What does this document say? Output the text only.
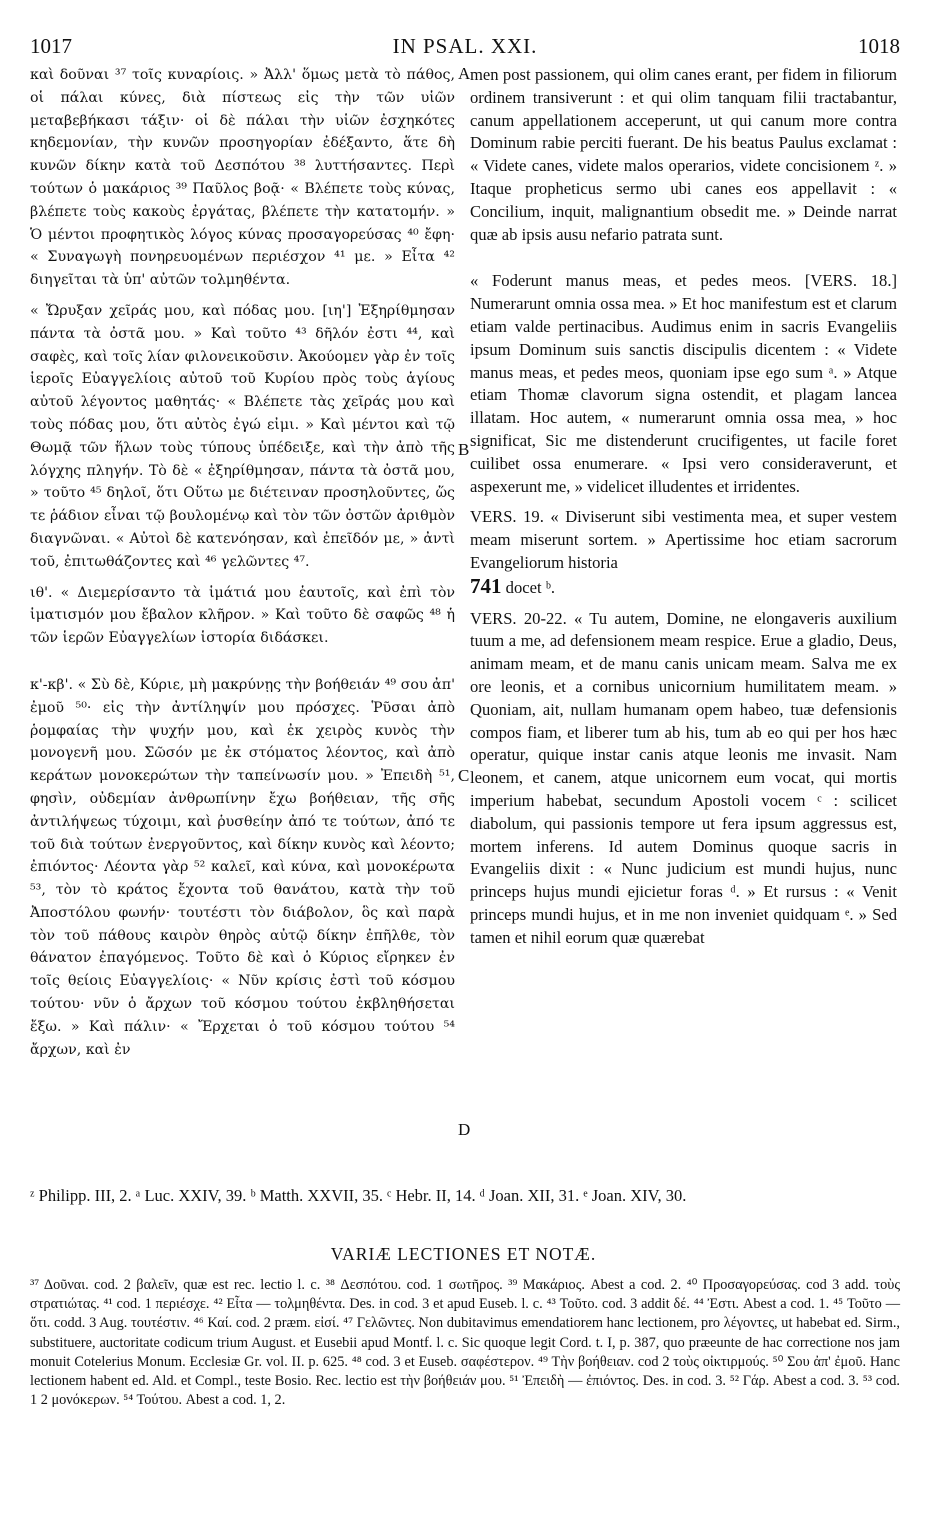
1017	IN PSAL. XXI.	1018

καὶ δοῦναι ³⁷ τοῖς κυναρίοις. » Ἀλλ' ὅμως μετὰ τὸ πάθος, οἱ πάλαι κύνες, διὰ πίστεως εἰς τὴν τῶν υἱῶν μεταβεβήκασι τάξιν· οἱ δὲ πάλαι τὴν υἱῶν ἐσχηκότες κηδεμονίαν, τὴν κυνῶν προσηγορίαν ἐδέξαντο, ἅτε δὴ κυνῶν δίκην κατὰ τοῦ Δεσπότου ³⁸ λυττήσαντες. Περὶ τούτων ὁ μακάριος ³⁹ Παῦλος βοᾷ· « Βλέπετε τοὺς κύνας, βλέπετε τοὺς κακοὺς ἐργάτας, βλέπετε τὴν κατατομήν. » Ὁ μέντοι προφητικὸς λόγος κύνας προσαγορεύσας ⁴⁰ ἔφη· « Συναγωγὴ πονηρευομένων περιέσχον ⁴¹ με. » Εἶτα ⁴² διηγεῖται τὰ ὑπ' αὐτῶν τολμηθέντα.

« Ὤρυξαν χεῖράς μου, καὶ πόδας μου. [ιη'] Ἐξηρίθμησαν πάντα τὰ ὀστᾶ μου. » Καὶ τοῦτο ⁴³ δῆλόν ἐστι ⁴⁴, καὶ σαφὲς, καὶ τοῖς λίαν φιλονεικοῦσιν. Ἀκούομεν γὰρ ἐν τοῖς ἱεροῖς Εὐαγγελίοις αὐτοῦ τοῦ Κυρίου πρὸς τοὺς ἁγίους αὐτοῦ λέγοντος μαθητάς· « Βλέπετε τὰς χεῖράς μου καὶ τοὺς πόδας μου, ὅτι αὐτὸς ἐγώ εἰμι. » Καὶ μέντοι καὶ τῷ Θωμᾷ τῶν ἥλων τοὺς τύπους ὑπέδειξε, καὶ τὴν ἀπὸ τῆς λόγχης πληγήν. Τὸ δὲ « ἐξηρίθμησαν, πάντα τὰ ὀστᾶ μου, » τοῦτο ⁴⁵ δηλοῖ, ὅτι Οὕτω με διέτειναν προσηλοῦντες, ὥς τε ῥάδιον εἶναι τῷ βουλομένῳ καὶ τὸν τῶν ὀστῶν ἀριθμὸν διαγνῶναι. « Αὐτοὶ δὲ κατενόησαν, καὶ ἐπεῖδόν με, » ἀντὶ τοῦ, ἐπιτωθάζοντες καὶ ⁴⁶ γελῶντες ⁴⁷.

ιθ'. « Διεμερίσαντο τὰ ἱμάτιά μου ἑαυτοῖς, καὶ ἐπὶ τὸν ἱματισμόν μου ἔβαλον κλῆρον. » Καὶ τοῦτο δὲ σαφῶς ⁴⁸ ἡ τῶν ἱερῶν Εὐαγγελίων ἱστορία διδάσκει.

κ'-κβ'. « Σὺ δὲ, Κύριε, μὴ μακρύνῃς τὴν βοήθειάν ⁴⁹ σου ἀπ' ἐμοῦ ⁵⁰· εἰς τὴν ἀντίληψίν μου πρόσχες. Ῥῦσαι ἀπὸ ῥομφαίας τὴν ψυχήν μου, καὶ ἐκ χειρὸς κυνὸς τὴν μονογενῆ μου. Σῶσόν με ἐκ στόματος λέοντος, καὶ ἀπὸ κεράτων μονοκερώτων τὴν ταπείνωσίν μου. » Ἐπειδὴ ⁵¹, φησὶν, οὐδεμίαν ἀνθρωπίνην ἔχω βοήθειαν, τῆς σῆς ἀντιλήψεως τύχοιμι, καὶ ῥυσθείην ἀπό τε τούτων, ἀπό τε τοῦ διὰ τούτων ἐνεργοῦντος, καὶ δίκην κυνὸς καὶ λέοντο; ἐπιόντος· Λέοντα γὰρ ⁵² καλεῖ, καὶ κύνα, καὶ μονοκέρωτα ⁵³, τὸν τὸ κράτος ἔχοντα τοῦ θανάτου, κατὰ τὴν τοῦ Ἀποστόλου φωνήν· τουτέστι τὸν διάβολον, ὃς καὶ παρὰ τὸν τοῦ πάθους καιρὸν θηρὸς αὐτῷ δίκην ἐπῆλθε, τὸν θάνατον ἐπαγόμενος. Τοῦτο δὲ καὶ ὁ Κύριος εἴρηκεν ἐν τοῖς θείοις Εὐαγγελίοις· « Νῦν κρίσις ἐστὶ τοῦ κόσμου τούτου· νῦν ὁ ἄρχων τοῦ κόσμου τούτου ἐκβληθήσεται ἔξω. » Καὶ πάλιν· « Ἔρχεται ὁ τοῦ κόσμου τούτου ⁵⁴ ἄρχων, καὶ ἐν

A
B
C
D

men post passionem, qui olim canes erant, per fidem in filiorum ordinem transiverunt : et qui olim tanquam filii tractabantur, canum appellationem acceperunt, ut qui canum more contra Dominum rabie perciti fuerant. De his beatus Paulus exclamat : « Videte canes, videte malos operarios, videte concisionem ᶻ. » Itaque propheticus sermo ubi canes eos appellavit : « Concilium, inquit, malignantium obsedit me. » Deinde narrat quæ ab ipsis ausu nefario patrata sunt.

« Foderunt manus meas, et pedes meos. [VERS. 18.] Numerarunt omnia ossa mea. » Et hoc manifestum est et clarum etiam valde pertinacibus. Audimus enim in sacris Evangeliis ipsum Dominum suis sanctis discipulis dicentem : « Videte manus meas, et pedes meos, quoniam ipse ego sum ᵃ. » Atque etiam Thomæ clavorum signa ostendit, et plagam lancea illatam. Hoc autem, « numerarunt omnia ossa mea, » hoc significat, Sic me distenderunt crucifigentes, ut facile foret cuilibet ossa enumerare. « Ipsi vero consideraverunt, et aspexerunt me, » videlicet illudentes et irridentes.

VERS. 19. « Diviserunt sibi vestimenta mea, et super vestem meam miserunt sortem. » Apertissime hoc etiam sacrorum Evangeliorum historia
741 docet ᵇ.

VERS. 20-22. « Tu autem, Domine, ne elongaveris auxilium tuum a me, ad defensionem meam respice. Erue a gladio, Deus, animam meam, et de manu canis unicam meam. Salva me ex ore leonis, et a cornibus unicornium humilitatem meam. » Quoniam, ait, nullam humanam opem habeo, tuæ defensionis compos fiam, et liberer tum ab his, tum ab eo qui per hos hæc operatur, quique instar canis atque leonis me invasit. Nam leonem, et canem, atque unicornem eum vocat, qui mortis imperium habebat, secundum Apostoli vocem ᶜ : scilicet diabolum, qui passionis tempore ut fera ipsum aggressus est, mortem inferens. Id autem Dominus quoque sacris in Evangeliis dixit : « Nunc judicium est mundi hujus, nunc princeps hujus mundi ejicietur foras ᵈ. » Et rursus : « Venit princeps mundi hujus, et in me non inveniet quidquam ᵉ. » Sed tamen et nihil eorum quæ quærebat

ᶻ Philipp. III, 2. ᵃ Luc. XXIV, 39. ᵇ Matth. XXVII, 35. ᶜ Hebr. II, 14. ᵈ Joan. XII, 31. ᵉ Joan. XIV, 30.
VARIÆ LECTIONES ET NOTÆ.
³⁷ Δοῦναι. cod. 2 βαλεῖν, quæ est rec. lectio l. c. ³⁸ Δεσπότου. cod. 1 σωτῆρος. ³⁹ Μακάριος. Abest a cod. 2. ⁴⁰ Προσαγορεύσας. cod 3 add. τοὺς στρατιώτας. ⁴¹ cod. 1 περιέσχε. ⁴² Εἶτα — τολμηθέντα. Des. in cod. 3 et apud Euseb. l. c. ⁴³ Τοῦτο. cod. 3 addit δέ. ⁴⁴ Ἐστι. Abest a cod. 1. ⁴⁵ Τοῦτο — ὅτι. codd. 3 Aug. τουτέστιν. ⁴⁶ Καί. cod. 2 præm. εἰσί. ⁴⁷ Γελῶντες. Non dubitavimus emendatiorem hanc lectionem, pro λέγοντες, ut habebat ed. Sirm., substituere, auctoritate codicum trium August. et Eusebii apud Montf. l. c. Sic quoque legit Cord. t. I, p. 387, quo præeunte de hac correctione nos jam monuit Cotelerius Monum. Ecclesiæ Gr. vol. II. p. 625. ⁴⁸ cod. 3 et Euseb. σαφέστερον. ⁴⁹ Τὴν βοήθειαν. cod 2 τοὺς οἰκτιρμούς. ⁵⁰ Σου ἀπ' ἐμοῦ. Hanc lectionem habent ed. Ald. et Compl., teste Bosio. Rec. lectio est τὴν βοήθειάν μου. ⁵¹ Ἐπειδὴ — ἐπιόντος. Des. in cod. 3. ⁵² Γάρ. Abest a cod. 3. ⁵³ cod. 1 2 μονόκερων. ⁵⁴ Τούτου. Abest a cod. 1, 2.
